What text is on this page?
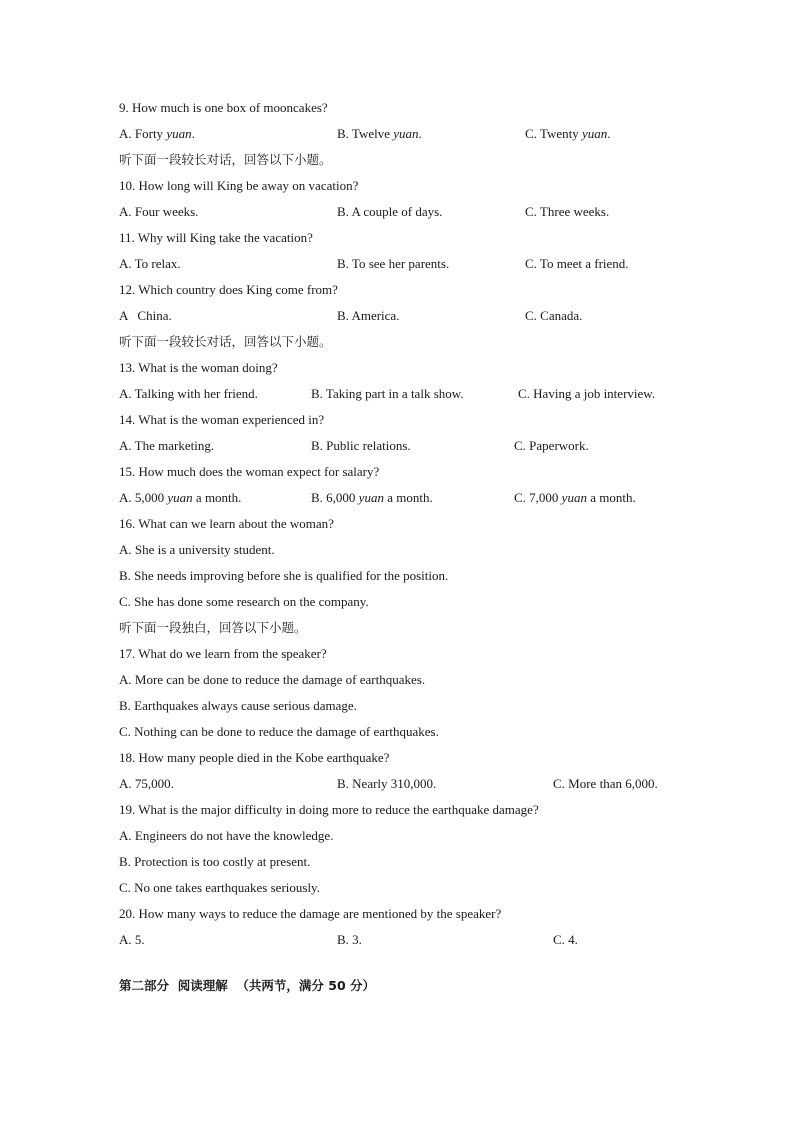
9. How much is one box of mooncakes?
A. Forty yuan.	B. Twelve yuan.	C. Twenty yuan.
听下面一段较长对话，回答以下小题。
10. How long will King be away on vacation?
A. Four weeks.	B. A couple of days.	C. Three weeks.
11. Why will King take the vacation?
A. To relax.	B. To see her parents.	C. To meet a friend.
12. Which country does King come from?
A   China.	B. America.	C. Canada.
听下面一段较长对话，回答以下小题。
13. What is the woman doing?
A. Talking with her friend.	B. Taking part in a talk show.	C. Having a job interview.
14. What is the woman experienced in?
A. The marketing.	B. Public relations.	C. Paperwork.
15. How much does the woman expect for salary?
A. 5,000 yuan a month.	B. 6,000 yuan a month.	C. 7,000 yuan a month.
16. What can we learn about the woman?
A. She is a university student.
B. She needs improving before she is qualified for the position.
C. She has done some research on the company.
听下面一段独白，回答以下小题。
17. What do we learn from the speaker?
A. More can be done to reduce the damage of earthquakes.
B. Earthquakes always cause serious damage.
C. Nothing can be done to reduce the damage of earthquakes.
18. How many people died in the Kobe earthquake?
A. 75,000.	B. Nearly 310,000.	C. More than 6,000.
19. What is the major difficulty in doing more to reduce the earthquake damage?
A. Engineers do not have the knowledge.
B. Protection is too costly at present.
C. No one takes earthquakes seriously.
20. How many ways to reduce the damage are mentioned by the speaker?
A. 5.	B. 3.	C. 4.
第二部分  阅读理解  （共两节，满分 50 分）
